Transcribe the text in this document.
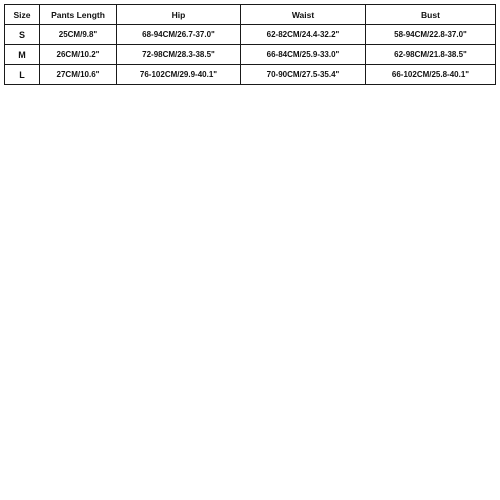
Size	Pants Length	Hip	Waist	Bust
S	25CM/9.8"	68-94CM/26.7-37.0"	62-82CM/24.4-32.2"	58-94CM/22.8-37.0"
M	26CM/10.2"	72-98CM/28.3-38.5"	66-84CM/25.9-33.0"	62-98CM/21.8-38.5"
L	27CM/10.6"	76-102CM/29.9-40.1"	70-90CM/27.5-35.4"	66-102CM/25.8-40.1"
